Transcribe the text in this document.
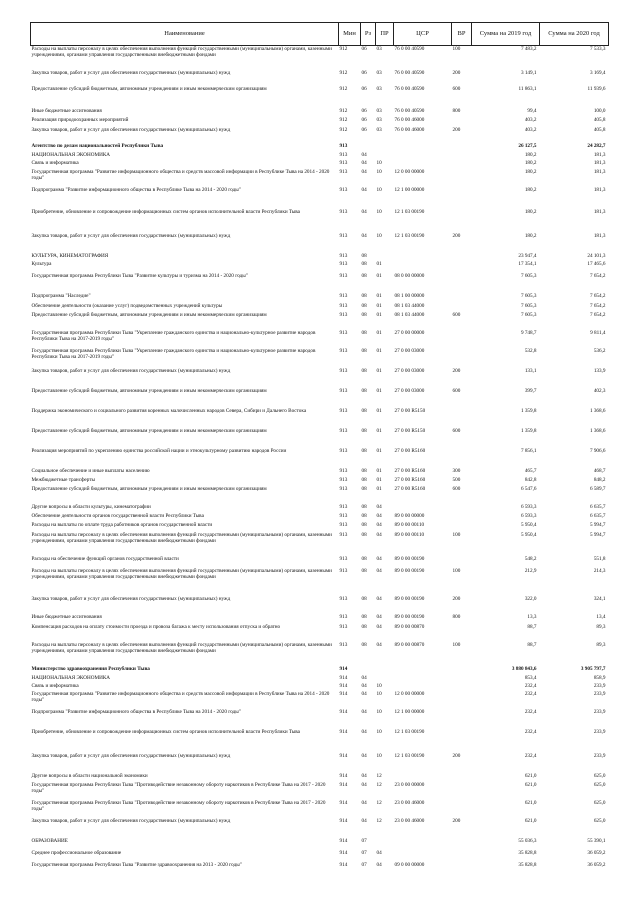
Наименование	Мин	Рз	ПР	ЦСР	ВР	Сумма на 2019 год	Сумма на 2020 год
Расходы на выплаты персоналу в целях обеспечения выполнения функций государственными (муниципальными) органами, казенными учреждениями, органами управления государственными внебюджетными фондами	912	06	03	76 0 00 40590	100	7 483,2	7 533,3
Закупка товаров, работ и услуг для обеспечения государственных (муниципальных) нужд	912	06	03	76 0 00 40590	200	3 149,1	3 169,4
Предоставление субсидий бюджетным, автономным учреждениям и иным некоммерческим организациям	912	06	03	76 0 00 40590	600	11 863,1	11 939,6
Иные бюджетные ассигнования	912	06	03	76 0 00 40590	800	99,4	100,0
Реализация природоохранных мероприятий	912	06	03	76 0 00 46000		403,2	405,8
Закупка товаров, работ и услуг для обеспечения государственных (муниципальных) нужд	912	06	03	76 0 00 46000	200	403,2	405,8
Агентство по делам национальностей Республики Тыва	913					26 127,5	24 282,7
НАЦИОНАЛЬНАЯ ЭКОНОМИКА	913	04				180,2	181,3
Связь и информатика	913	04	10			180,2	181,3
Государственная программа "Развитие информационного общества и средств массовой информации в Республике Тыва на 2014 - 2020 годы"	913	04	10	12 0 00 00000		180,2	181,3
Подпрограмма "Развитие информационного общества в Республике Тыва на 2014 - 2020 годы"	913	04	10	12 1 00 00000		180,2	181,3
Приобретение, обновление и сопровождение информационных систем органов исполнительной власти Республики Тыва	913	04	10	12 1 03 00190		180,2	181,3
Закупка товаров, работ и услуг для обеспечения государственных (муниципальных) нужд	913	04	10	12 1 03 00190	200	180,2	181,3
КУЛЬТУРА, КИНЕМАТОГРАФИЯ	913	08				23 947,4	24 101,3
Культура	913	08	01			17 354,1	17 465,6
Государственная программа Республики Тыва "Развитие культуры и туризма на 2014 - 2020 годы"	913	08	01	08 0 00 00000		7 605,3	7 654,2
Подпрограмма "Наследие"	913	08	01	08 1 00 00000		7 605,3	7 654,2
Обеспечение деятельности (оказание услуг) подведомственных учреждений культуры	913	08	01	08 1 03 44000		7 605,3	7 654,2
Предоставление субсидий бюджетным, автономным учреждениям и иным некоммерческим организациям	913	08	01	08 1 03 44000	600	7 605,3	7 654,2
Государственная программа Республики Тыва "Укрепление гражданского единства и национально-культурное развитие народов Республики Тыва на 2017-2019 годы"	913	08	01	27 0 00 00000		9 748,7	9 811,4
Государственная программа Республики Тыва "Укрепление гражданского единства и национально-культурное развитие народов Республики Тыва на 2017-2019 годы"	913	08	01	27 0 00 03000		532,8	536,2
Закупка товаров, работ и услуг для обеспечения государственных (муниципальных) нужд	913	08	01	27 0 00 03000	200	133,1	133,9
Предоставление субсидий бюджетным, автономным учреждениям и иным некоммерческим организациям	913	08	01	27 0 00 03000	600	399,7	402,3
Поддержка экономического и социального развития коренных малочисленных народов Севера, Сибири и Дальнего Востока	913	08	01	27 0 00 R5150		1 359,8	1 368,6
Предоставление субсидий бюджетным, автономным учреждениям и иным некоммерческим организациям	913	08	01	27 0 00 R5150	600	1 359,8	1 368,6
Реализация мероприятий по укреплению единства российской нации и этнокультурному развитию народов России	913	08	01	27 0 00 R5160		7 856,1	7 906,6
Социальное обеспечение и иные выплаты населению	913	08	01	27 0 00 R5160	300	465,7	468,7
Межбюджетные трансферты	913	08	01	27 0 00 R5160	500	842,8	848,2
Предоставление субсидий бюджетным, автономным учреждениям и иным некоммерческим организациям	913	08	01	27 0 00 R5160	600	6 547,6	6 589,7
Другие вопросы в области культуры, кинематографии	913	08	04			6 593,3	6 635,7
Обеспечение деятельности органов государственной власти Республики Тыва	913	08	04	89 0 00 00000		6 593,3	6 635,7
Расходы на выплаты по оплате труда работников органов государственной власти	913	08	04	89 0 00 00110		5 950,4	5 994,7
Расходы на выплаты персоналу в целях обеспечения выполнения функций государственными (муниципальными) органами, казенными учреждениями, органами управления государственными внебюджетными фондами	913	08	04	89 0 00 00110	100	5 950,4	5 994,7
Расходы на обеспечение функций органов государственной власти	913	08	04	89 0 00 00190		548,2	551,8
Расходы на выплаты персоналу в целях обеспечения выполнения функций государственными (муниципальными) органами, казенными учреждениями, органами управления государственными внебюджетными фондами	913	08	04	89 0 00 00190	100	212,9	214,3
Закупка товаров, работ и услуг для обеспечения государственных (муниципальных) нужд	913	08	04	89 0 00 00190	200	322,0	324,1
Иные бюджетные ассигнования	913	08	04	89 0 00 00190	800	13,3	13,4
Компенсация расходов на оплату стоимости проезда и провоза багажа к месту использования отпуска и обратно	913	08	04	89 0 00 00870		88,7	89,3
Расходы на выплаты персоналу в целях обеспечения выполнения функций государственными (муниципальными) органами, казенными учреждениями, органами управления государственными внебюджетными фондами	913	08	04	89 0 00 00870	100	88,7	89,3
Министерство здравоохранения Республики Тыва	914					3 880 843,6	3 905 797,7
НАЦИОНАЛЬНАЯ ЭКОНОМИКА	914	04				853,4	858,9
Связь и информатика	914	04	10			232,4	233,9
Государственная программа "Развитие информационного общества и средств массовой информации в Республике Тыва на 2014 - 2020 годы"	914	04	10	12 0 00 00000		232,4	233,9
Подпрограмма "Развитие информационного общества в Республике Тыва на 2014 - 2020 годы"	914	04	10	12 1 00 00000		232,4	233,9
Приобретение, обновление и сопровождение информационных систем органов исполнительной власти Республики Тыва	914	04	10	12 1 03 00190		232,4	233,9
Закупка товаров, работ и услуг для обеспечения государственных (муниципальных) нужд	914	04	10	12 1 03 00190	200	232,4	233,9
Другие вопросы в области национальной экономики	914	04	12			621,0	625,0
Государственная программа Республики Тыва "Противодействие незаконному обороту наркотиков в Республике Тыва на 2017 - 2020 годы"	914	04	12	23 0 00 00000		621,0	625,0
Государственная программа Республики Тыва "Противодействие незаконному обороту наркотиков в Республике Тыва на 2017 - 2020 годы"	914	04	12	23 0 00 46000		621,0	625,0
Закупка товаров, работ и услуг для обеспечения государственных (муниципальных) нужд	914	04	12	23 0 00 46000	200	621,0	625,0
ОБРАЗОВАНИЕ	914	07				55 036,3	55 390,1
Среднее профессиональное образование	914	07	04			35 828,8	36 059,2
Государственная программа Республики Тыва "Развитие здравоохранения на 2013 - 2020 годы"	914	07	04	09 0 00 00000		35 828,8	36 059,2
